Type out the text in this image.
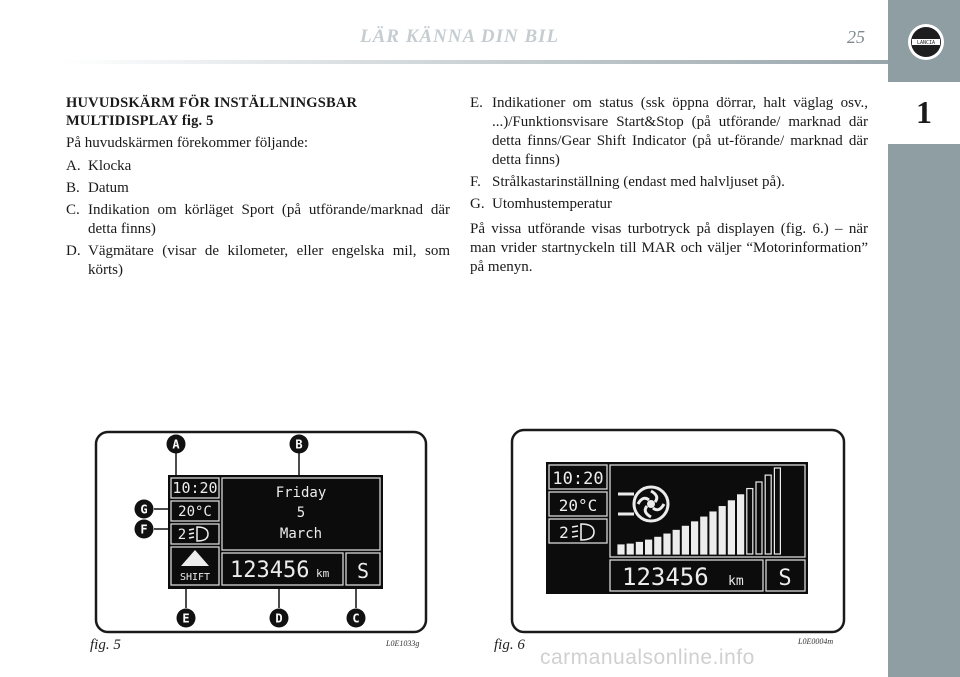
LÄR KÄNNA DIN BIL	25	LANCIA
1
HUVUDSKÄRM FÖR INSTÄLLNINGSBAR
MULTIDISPLAY fig. 5
På huvudskärmen förekommer följande:
A. Klocka
B. Datum
C. Indikation om körläget Sport (på utförande/marknad där detta finns)
D. Vägmätare (visar de kilometer, eller engelska mil, som körts)
E. Indikationer om status (ssk öppna dörrar, halt väglag osv., ...)/Funktionsvisare Start&Stop (på utförande/ marknad där detta finns/Gear Shift Indicator (på ut-förande/ marknad där detta finns)
F. Strålkastarinställning (endast med halvljuset på).
G. Utomhustemperatur
På vissa utförande visas turbotryck på displayen (fig. 6.) – när man vrider startnyckeln till MAR och väljer “Motorinformation” på menyn.
10:20
20°C
2
SHIFT
Friday
5
March
123456 km S
A	B
C
D
E
F
G
fig. 5	L0E1033g
10:20
20°C
2
123456 km S
fig. 6	L0E0004m
carmanualsonline.info
